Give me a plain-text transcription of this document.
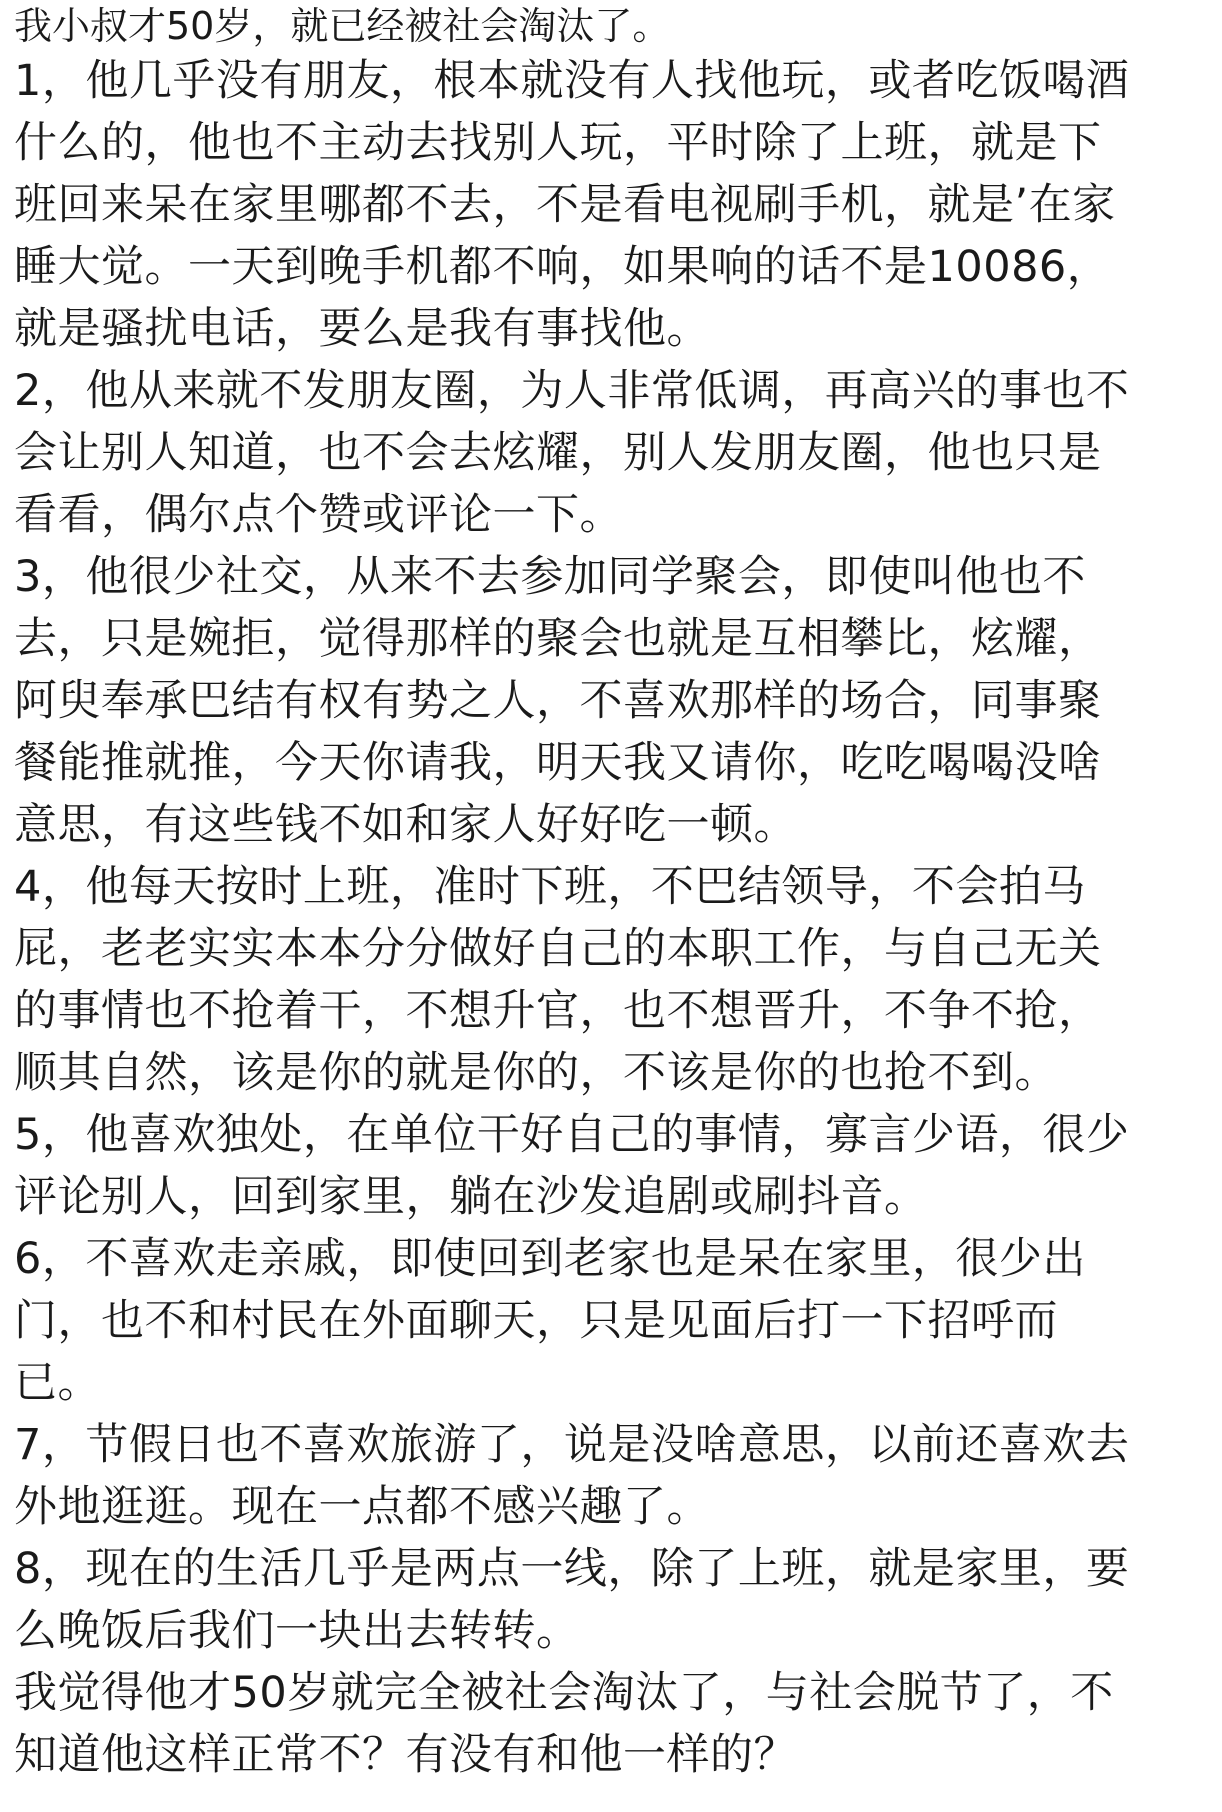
我小叔才50岁，就已经被社会淘汰了。

1，他几乎没有朋友，根本就没有人找他玩，或者吃饭喝酒
什么的，他也不主动去找别人玩，平时除了上班，就是下
班回来呆在家里哪都不去，不是看电视刷手机，就是’在家
睡大觉。一天到晚手机都不响，如果响的话不是10086，
就是骚扰电话，要么是我有事找他。

2，他从来就不发朋友圈，为人非常低调，再高兴的事也不
会让别人知道，也不会去炫耀，别人发朋友圈，他也只是
看看，偶尔点个赞或评论一下。

3，他很少社交，从来不去参加同学聚会，即使叫他也不
去，只是婉拒，觉得那样的聚会也就是互相攀比，炫耀，
阿臾奉承巴结有权有势之人，不喜欢那样的场合，同事聚
餐能推就推，今天你请我，明天我又请你，吃吃喝喝没啥
意思，有这些钱不如和家人好好吃一顿。

4，他每天按时上班，准时下班，不巴结领导，不会拍马
屁，老老实实本本分分做好自己的本职工作，与自己无关
的事情也不抢着干，不想升官，也不想晋升，不争不抢，
顺其自然，该是你的就是你的，不该是你的也抢不到。

5，他喜欢独处，在单位干好自己的事情，寡言少语，很少
评论别人，回到家里，躺在沙发追剧或刷抖音。

6，不喜欢走亲戚，即使回到老家也是呆在家里，很少出
门，也不和村民在外面聊天，只是见面后打一下招呼而
已。

7，节假日也不喜欢旅游了，说是没啥意思，以前还喜欢去
外地逛逛。现在一点都不感兴趣了。

8，现在的生活几乎是两点一线，除了上班，就是家里，要
么晚饭后我们一块出去转转。

我觉得他才50岁就完全被社会淘汰了，与社会脱节了，不
知道他这样正常不？有没有和他一样的？
